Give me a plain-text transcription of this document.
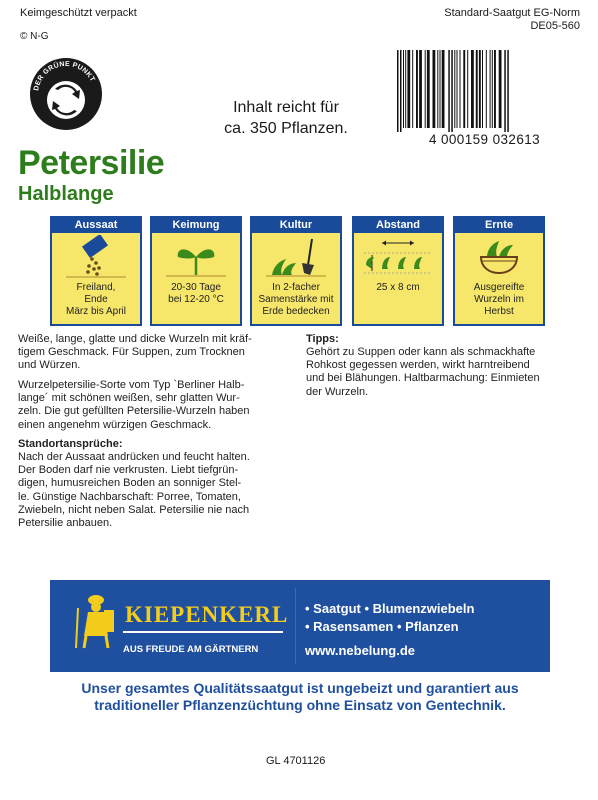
Keimgeschützt verpackt
© N-G
Standard-Saatgut EG-Norm
DE05-560
DER GRÜNE PUNKT
Inhalt reicht für
ca. 350 Pflanzen.
4 000159 032613
Petersilie
Halblange
Aussaat
Freiland,
Ende
März bis April
Keimung
20-30 Tage
bei 12-20 °C
Kultur
In 2-facher
Samenstärke mit
Erde bedecken
Abstand
25 x 8 cm
Ernte
Ausgereifte
Wurzeln im
Herbst
Weiße, lange, glatte und dicke Wurzeln mit kräf-
tigem Geschmack. Für Suppen, zum Trocknen
und Würzen.
Wurzelpetersilie-Sorte vom Typ `Berliner Halb-
lange´ mit schönen weißen, sehr glatten Wur-
zeln. Die gut gefüllten Petersilie-Wurzeln haben
einen angenehm würzigen Geschmack.
Standortansprüche:
Nach der Aussaat andrücken und feucht halten.
Der Boden darf nie verkrusten. Liebt tiefgrün-
digen, humusreichen Boden an sonniger Stel-
le. Günstige Nachbarschaft: Porree, Tomaten,
Zwiebeln, nicht neben Salat. Petersilie nie nach
Petersilie anbauen.
Tipps:
Gehört zu Suppen oder kann als schmackhafte
Rohkost gegessen werden, wirkt harntreibend
und bei Blähungen. Haltbarmachung: Einmieten
der Wurzeln.
KIEPENKERL
AUS FREUDE AM GÄRTNERN
• Saatgut • Blumenzwiebeln
• Rasensamen • Pflanzen
www.nebelung.de
Unser gesamtes Qualitätssaatgut ist ungebeizt und garantiert aus
traditioneller Pflanzenzüchtung ohne Einsatz von Gentechnik.
GL 4701126
